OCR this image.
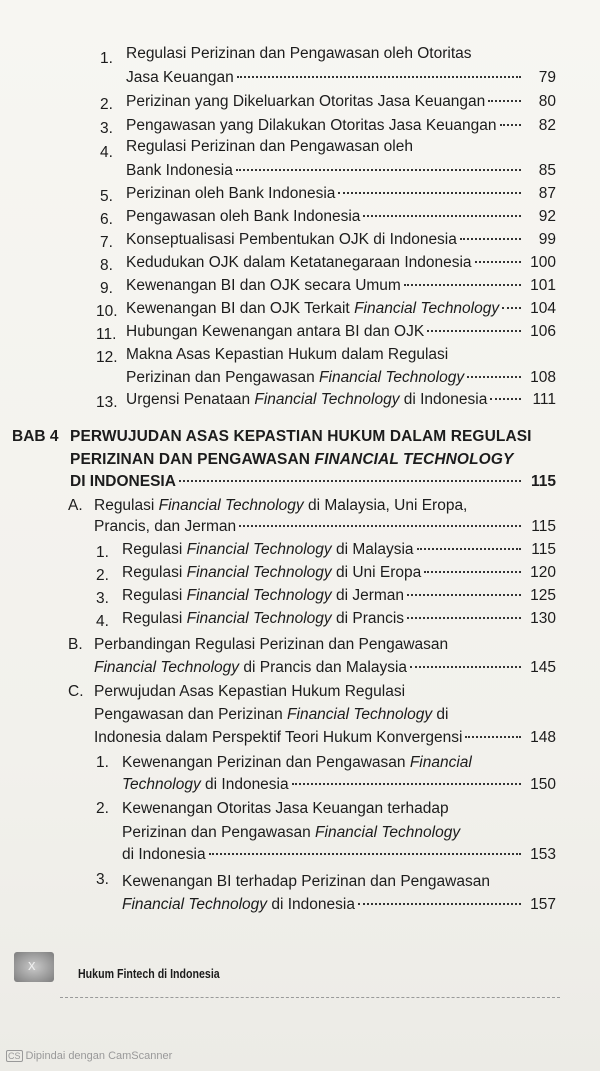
1. Regulasi Perizinan dan Pengawasan oleh Otoritas
Jasa Keuangan	79
2. Perizinan yang Dikeluarkan Otoritas Jasa Keuangan	80
3. Pengawasan yang Dilakukan Otoritas Jasa Keuangan	82
4. Regulasi Perizinan dan Pengawasan oleh
Bank Indonesia	85
5. Perizinan oleh Bank Indonesia	87
6. Pengawasan oleh Bank Indonesia	92
7. Konseptualisasi Pembentukan OJK di Indonesia	99
8. Kedudukan OJK dalam Ketatanegaraan Indonesia	100
9. Kewenangan BI dan OJK secara Umum	101
10. Kewenangan BI dan OJK Terkait Financial Technology	104
11. Hubungan Kewenangan antara BI dan OJK	106
12. Makna Asas Kepastian Hukum dalam Regulasi
Perizinan dan Pengawasan Financial Technology	108
13. Urgensi Penataan Financial Technology di Indonesia	111
BAB 4 PERWUJUDAN ASAS KEPASTIAN HUKUM DALAM REGULASI
PERIZINAN DAN PENGAWASAN FINANCIAL TECHNOLOGY
DI INDONESIA	115
A. Regulasi Financial Technology di Malaysia, Uni Eropa,
Prancis, dan Jerman	115
1. Regulasi Financial Technology di Malaysia	115
2. Regulasi Financial Technology di Uni Eropa	120
3. Regulasi Financial Technology di Jerman	125
4. Regulasi Financial Technology di Prancis	130
B. Perbandingan Regulasi Perizinan dan Pengawasan
Financial Technology di Prancis dan Malaysia	145
C. Perwujudan Asas Kepastian Hukum Regulasi
Pengawasan dan Perizinan Financial Technology di
Indonesia dalam Perspektif Teori Hukum Konvergensi	148
1. Kewenangan Perizinan dan Pengawasan Financial
Technology di Indonesia	150
2. Kewenangan Otoritas Jasa Keuangan terhadap
Perizinan dan Pengawasan Financial Technology
di Indonesia	153
3. Kewenangan BI terhadap Perizinan dan Pengawasan
Financial Technology di Indonesia	157
x	Hukum Fintech di Indonesia
CS Dipindai dengan CamScanner
